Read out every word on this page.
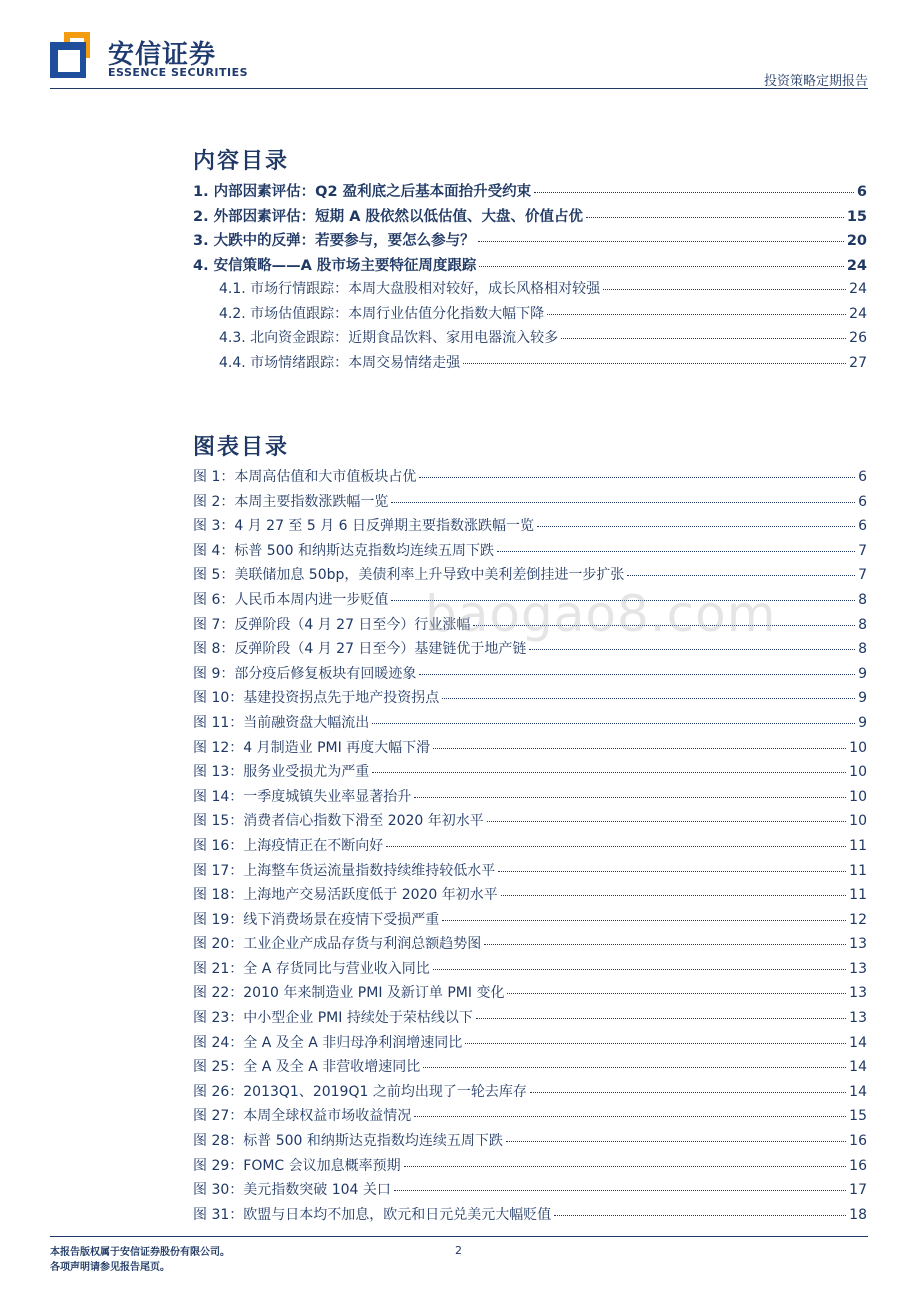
安信证券
ESSENCE SECURITIES
投资策略定期报告
内容目录
1. 内部因素评估：Q2 盈利底之后基本面抬升受约束	6
2. 外部因素评估：短期 A 股依然以低估值、大盘、价值占优	15
3. 大跌中的反弹：若要参与，要怎么参与？	20
4. 安信策略——A 股市场主要特征周度跟踪	24
4.1. 市场行情跟踪：本周大盘股相对较好，成长风格相对较强	24
4.2. 市场估值跟踪：本周行业估值分化指数大幅下降	24
4.3. 北向资金跟踪：近期食品饮料、家用电器流入较多	26
4.4. 市场情绪跟踪：本周交易情绪走强	27
图表目录
图 1：本周高估值和大市值板块占优	6
图 2：本周主要指数涨跌幅一览	6
图 3：4 月 27 至 5 月 6 日反弹期主要指数涨跌幅一览	6
图 4：标普 500 和纳斯达克指数均连续五周下跌	7
图 5：美联储加息 50bp，美债利率上升导致中美利差倒挂进一步扩张	7
图 6：人民币本周内进一步贬值	8
图 7：反弹阶段（4 月 27 日至今）行业涨幅	8
图 8：反弹阶段（4 月 27 日至今）基建链优于地产链	8
图 9：部分疫后修复板块有回暖迹象	9
图 10：基建投资拐点先于地产投资拐点	9
图 11：当前融资盘大幅流出	9
图 12：4 月制造业 PMI 再度大幅下滑	10
图 13：服务业受损尤为严重	10
图 14：一季度城镇失业率显著抬升	10
图 15：消费者信心指数下滑至 2020 年初水平	10
图 16：上海疫情正在不断向好	11
图 17：上海整车货运流量指数持续维持较低水平	11
图 18：上海地产交易活跃度低于 2020 年初水平	11
图 19：线下消费场景在疫情下受损严重	12
图 20：工业企业产成品存货与利润总额趋势图	13
图 21：全 A 存货同比与营业收入同比	13
图 22：2010 年来制造业 PMI 及新订单 PMI 变化	13
图 23：中小型企业 PMI 持续处于荣枯线以下	13
图 24：全 A 及全 A 非归母净利润增速同比	14
图 25：全 A 及全 A 非营收增速同比	14
图 26：2013Q1、2019Q1 之前均出现了一轮去库存	14
图 27：本周全球权益市场收益情况	15
图 28：标普 500 和纳斯达克指数均连续五周下跌	16
图 29：FOMC 会议加息概率预期	16
图 30：美元指数突破 104 关口	17
图 31：欧盟与日本均不加息，欧元和日元兑美元大幅贬值	18
baogao8.com
本报告版权属于安信证券股份有限公司。
各项声明请参见报告尾页。
2
